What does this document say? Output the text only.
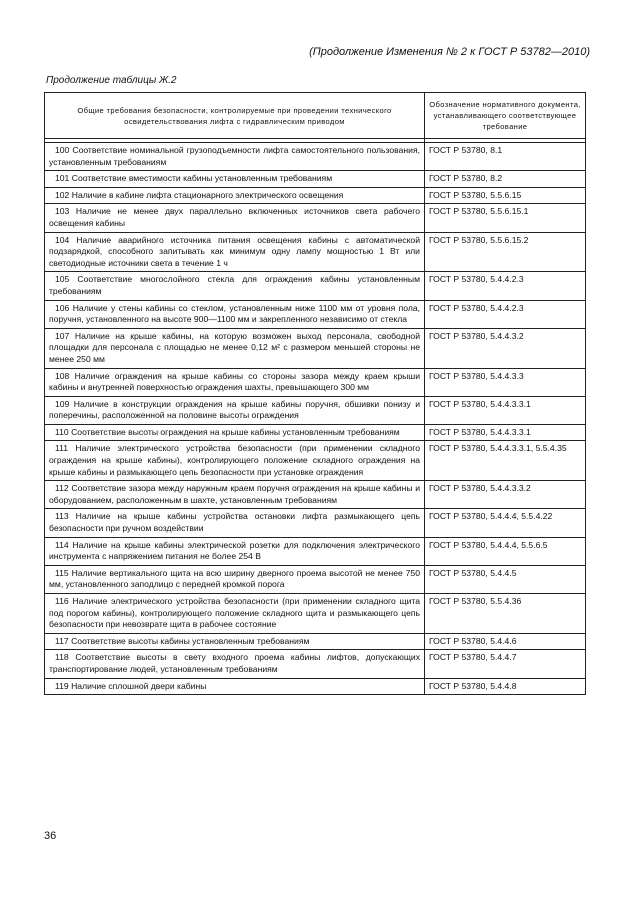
(Продолжение Изменения № 2 к ГОСТ Р 53782—2010)
Продолжение таблицы Ж.2
Общие требования безопасности, контролируемые при проведении технического освидетельствования лифта с гидравлическим приводом	Обозначение нормативного документа, устанавливающего соответствующее требование

100 Соответствие номинальной грузоподъемности лифта самостоятельного пользования, установленным требованиям	ГОСТ Р 53780, 8.1
101 Соответствие вместимости кабины установленным требованиям	ГОСТ Р 53780, 8.2
102 Наличие в кабине лифта стационарного электрического освещения	ГОСТ Р 53780, 5.5.6.15
103 Наличие не менее двух параллельно включенных источников света рабочего освещения кабины	ГОСТ Р 53780, 5.5.6.15.1
104 Наличие аварийного источника питания освещения кабины с автоматической подзарядкой, способного запитывать как минимум одну лампу мощностью 1 Вт или светодиодные источники света в течение 1 ч	ГОСТ Р 53780, 5.5.6.15.2
105 Соответствие многослойного стекла для ограждения кабины установленным требованиям	ГОСТ Р 53780, 5.4.4.2.3
106 Наличие у стены кабины со стеклом, установленным ниже 1100 мм от уровня пола, поручня, установленного на высоте 900—1100 мм и закрепленного независимо от стекла	ГОСТ Р 53780, 5.4.4.2.3
107 Наличие на крыше кабины, на которую возможен выход персонала, свободной площадки для персонала с площадью не менее 0,12 м² с размером меньшей стороны не менее 250 мм	ГОСТ Р 53780, 5.4.4.3.2
108 Наличие ограждения на крыше кабины со стороны зазора между краем крыши кабины и внутренней поверхностью ограждения шахты, превышающего 300 мм	ГОСТ Р 53780, 5.4.4.3.3
109 Наличие в конструкции ограждения на крыше кабины поручня, обшивки понизу и поперечины, расположенной на половине высоты ограждения	ГОСТ Р 53780, 5.4.4.3.3.1
110 Соответствие высоты ограждения на крыше кабины установленным требованиям	ГОСТ Р 53780, 5.4.4.3.3.1
111 Наличие электрического устройства безопасности (при применении складного ограждения на крыше кабины), контролирующего положение складного ограждения на крыше кабины и размыкающего цепь безопасности при установке ограждения	ГОСТ Р 53780, 5.4.4.3.3.1, 5.5.4.35
112 Соответствие зазора между наружным краем поручня ограждения на крыше кабины и оборудованием, расположенным в шахте, установленным требованиям	ГОСТ Р 53780, 5.4.4.3.3.2
113 Наличие на крыше кабины устройства остановки лифта размыкающего цепь безопасности при ручном воздействии	ГОСТ Р 53780, 5.4.4.4, 5.5.4.22
114 Наличие на крыше кабины электрической розетки для подключения электрического инструмента с напряжением питания не более 254 В	ГОСТ Р 53780, 5.4.4.4, 5.5.6.5
115 Наличие вертикального щита на всю ширину дверного проема высотой не менее 750 мм, установленного заподлицо с передней кромкой порога	ГОСТ Р 53780, 5.4.4.5
116 Наличие электрического устройства безопасности (при применении складного щита под порогом кабины), контролирующего положение складного щита и размыкающего цепь безопасности при невозврате щита в рабочее состояние	ГОСТ Р 53780, 5.5.4.36
117 Соответствие высоты кабины установленным требованиям	ГОСТ Р 53780, 5.4.4.6
118 Соответствие высоты в свету входного проема кабины лифтов, допускающих транспортирование людей, установленным требованиям	ГОСТ Р 53780, 5.4.4.7
119 Наличие сплошной двери кабины	ГОСТ Р 53780, 5.4.4.8
36
